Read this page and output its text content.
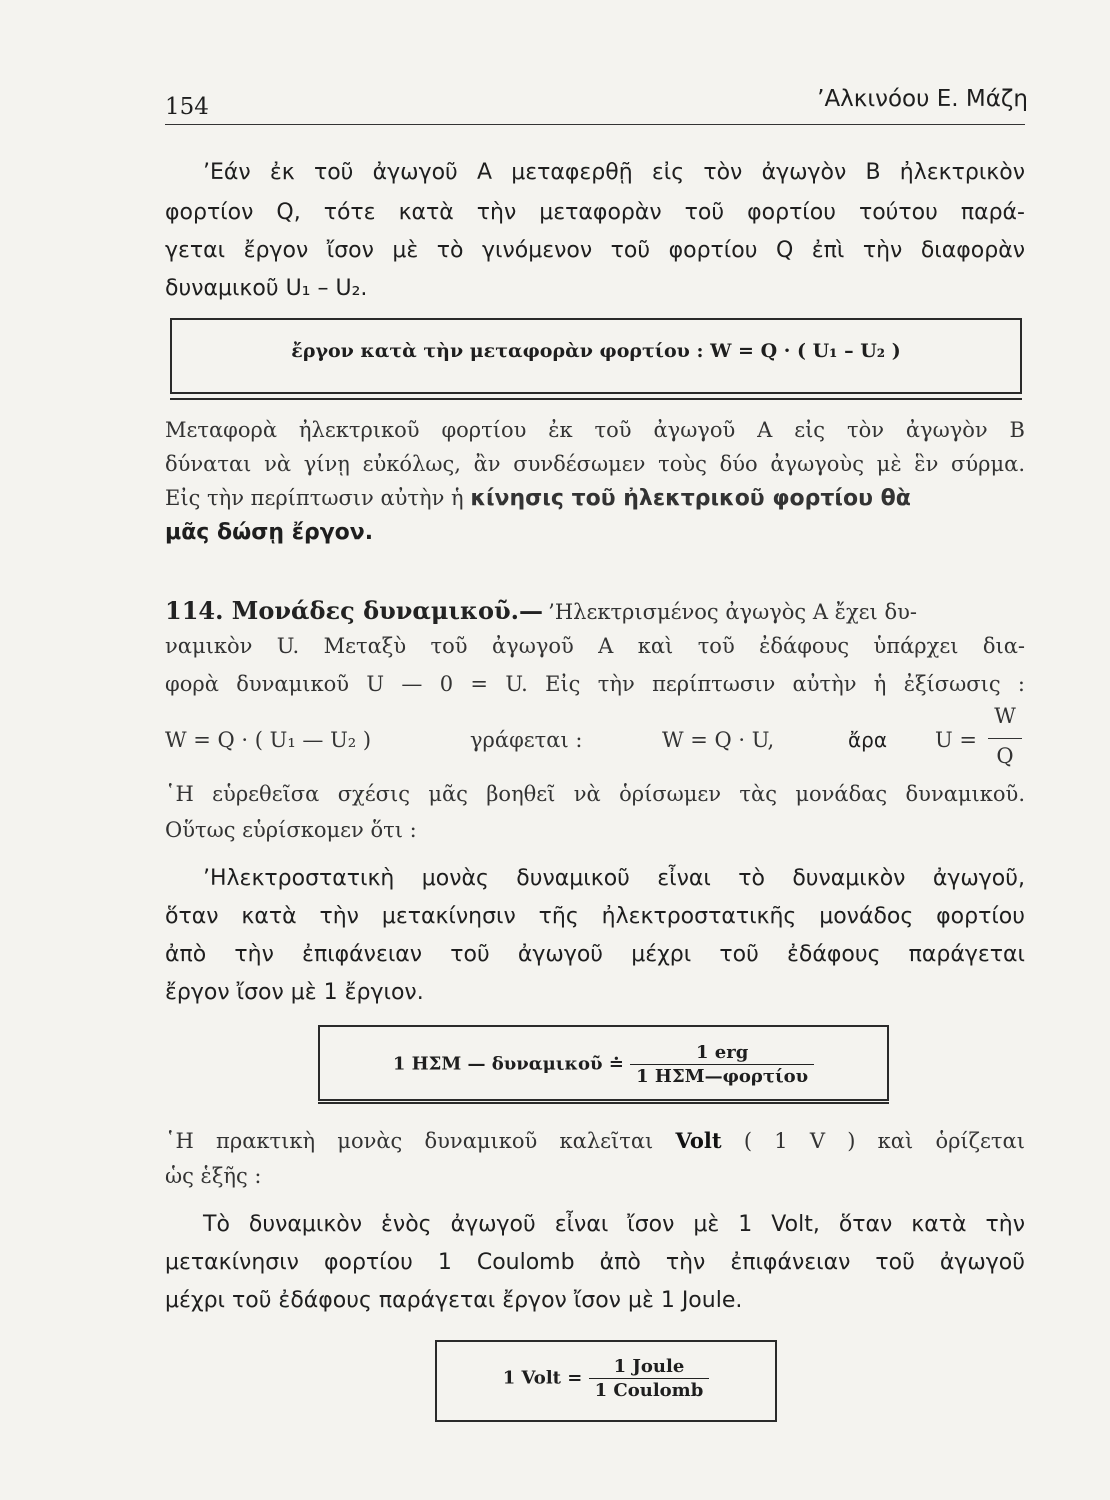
154	’Αλκινόου Ε. Μάζη
’Εάν ἐκ τοῦ ἀγωγοῦ Α μεταφερθῇ εἰς τὸν ἀγωγὸν Β ἠλεκτρικὸν
φορτίον Q, τότε κατὰ τὴν μεταφορὰν τοῦ φορτίου τούτου παρά-
γεται ἔργον ἴσον μὲ τὸ γινόμενον τοῦ φορτίου Q ἐπὶ τὴν διαφορὰν
δυναμικοῦ U₁ – U₂.
ἔργον κατὰ τὴν μεταφορὰν φορτίου : W = Q · ( U₁ – U₂ )
Μεταφορὰ ἠλεκτρικοῦ φορτίου ἐκ τοῦ ἀγωγοῦ Α εἰς τὸν ἀγωγὸν Β
δύναται νὰ γίνῃ εὐκόλως, ἂν συνδέσωμεν τοὺς δύο ἀγωγοὺς μὲ ἓν σύρμα.
Εἰς τὴν περίπτωσιν αὐτὴν ἡ κίνησις τοῦ ἠλεκτρικοῦ φορτίου θὰ
μᾶς δώσῃ ἔργον.
114. Μονάδες δυναμικοῦ.— ’Ηλεκτρισμένος ἀγωγὸς Α ἔχει δυ-
ναμικὸν U. Μεταξὺ τοῦ ἀγωγοῦ Α καὶ τοῦ ἐδάφους ὑπάρχει δια-
φορὰ δυναμικοῦ U — 0 = U. Εἰς τὴν περίπτωσιν αὐτὴν ἡ ἐξίσωσις :
W = Q · ( U₁ — U₂ )	γράφεται :	W = Q · U,	ἄρα U =
W
Q
῾Η εὑρεθεῖσα σχέσις μᾶς βοηθεῖ νὰ ὁρίσωμεν τὰς μονάδας δυναμικοῦ.
Οὕτως εὑρίσκομεν ὅτι :
’Ηλεκτροστατικὴ μονὰς δυναμικοῦ εἶναι τὸ δυναμικὸν ἀγωγοῦ,
ὅταν κατὰ τὴν μετακίνησιν τῆς ἠλεκτροστατικῆς μονάδος φορτίου
ἀπὸ τὴν ἐπιφάνειαν τοῦ ἀγωγοῦ μέχρι τοῦ ἐδάφους παράγεται
ἔργον ἴσον μὲ 1 ἔργιον.
1 ΗΣΜ — δυναμικοῦ ≐ $\frac{\text{1 erg}}{\text{1 ΗΣΜ—φορτίου}}$
῾Η πρακτικὴ μονὰς δυναμικοῦ καλεῖται Volt ( 1 V ) καὶ ὁρίζεται
ὡς ἑξῆς :
Τὸ δυναμικὸν ἑνὸς ἀγωγοῦ εἶναι ἴσον μὲ 1 Volt, ὅταν κατὰ τὴν
μετακίνησιν φορτίου 1 Coulomb ἀπὸ τὴν ἐπιφάνειαν τοῦ ἀγωγοῦ
μέχρι τοῦ ἐδάφους παράγεται ἔργον ἴσον μὲ 1 Joule.
1 Volt = $\frac{\text{1 Joule}}{\text{1 Coulomb}}$
